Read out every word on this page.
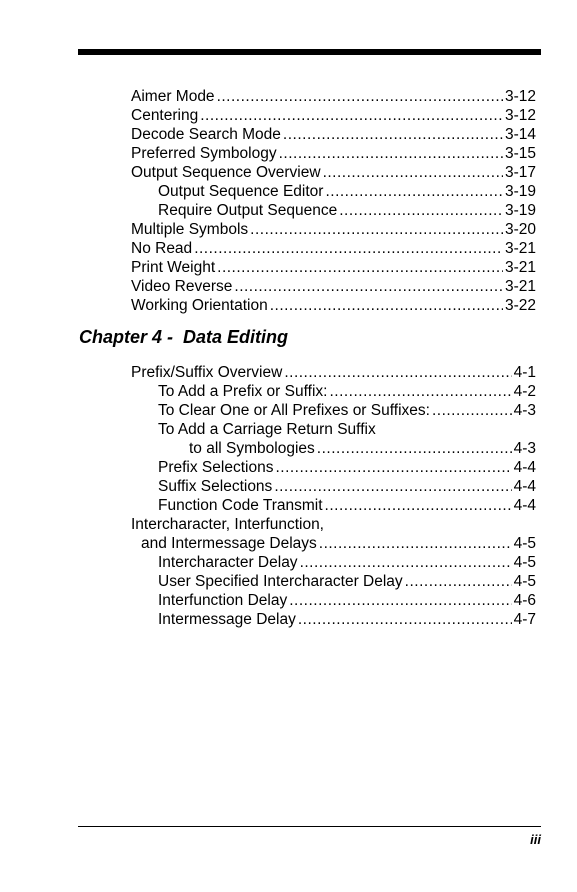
Aimer Mode .....	3-12
Centering .....	3-12
Decode Search Mode .....	3-14
Preferred Symbology .....	3-15
Output Sequence Overview .....	3-17
Output Sequence Editor .....	3-19
Require Output Sequence .....	3-19
Multiple Symbols .....	3-20
No Read .....	3-21
Print Weight .....	3-21
Video Reverse .....	3-21
Working Orientation .....	3-22
Chapter 4 -  Data Editing
Prefix/Suffix Overview .....	4-1
To Add a Prefix or Suffix: .....	4-2
To Clear One or All Prefixes or Suffixes: .....	4-3
To Add a Carriage Return Suffix
to all Symbologies .....	4-3
Prefix Selections .....	4-4
Suffix Selections .....	4-4
Function Code Transmit .....	4-4
Intercharacter, Interfunction,
and Intermessage Delays .....	4-5
Intercharacter Delay .....	4-5
User Specified Intercharacter Delay .....	4-5
Interfunction Delay .....	4-6
Intermessage Delay .....	4-7
iii
